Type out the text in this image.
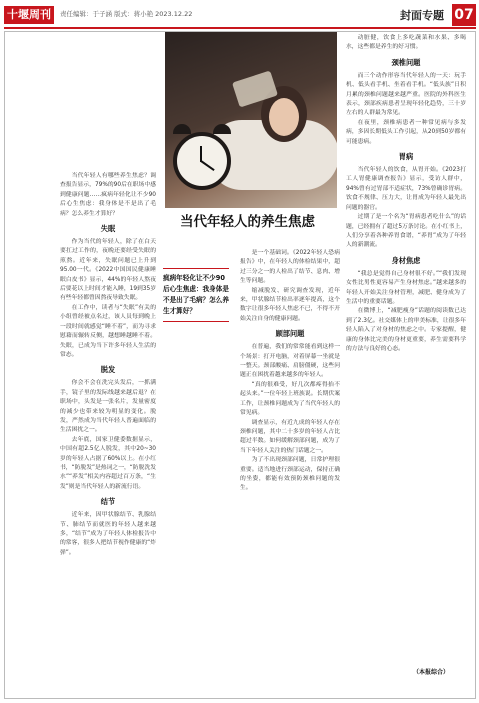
十堰周刊	责任编辑：于子涵 版式：蒋小艳 2023.12.22	封面专题 07
当代年轻人的养生焦虑

当代年轻人有哪些养生焦虑？调查报告显示，79%的90后在职场中感到健康问题……疯病年轻化让不少90后心生焦虑：我身体是不是出了毛病？怎么养生才算好？

失眠

作为当代的年轻人，除了在白天要扛过工作的，夜晚还要经受失眠的煎熬。近年来，失眠问题已上升到95.00一代。《2022中国国民健康睡眠白皮书》显示，44%的年轻人熬夜后要花以上时间才能入睡，19到35岁有些年轻都曾因熬夜导致失眠。

在工作中，读者与“失眠”有关的小组曾经被点名过，该人员每到晚上一段时间就感觉“睡不着”，而为寻求慰藉而辗转反侧，越想睡越睡不着。失眠，已成为当下许多年轻人生活的常态。

脱发

你会不会在洗完头发后，一抓满手，镜子里的发际线越来越后退？在职场中，头发是一张名片，发量密度的减少也带来较为明显的变化。脱发，严然成为当代年轻人普遍面临的生活困扰之一。

去年底，国家卫健委数据显示，中国有超2.5亿人脱发，其中20~30岁的年轻人占据了60%以上。在小红书，“防脱发”是热词之一，“防脱洗发水”“养发”相关内容超过百万条，“生发”则是当代年轻人的新流行语。

结节

近年来，因甲状腺结节、乳腺结节、肺结节而就医的年轻人越来越多，“结节”成为了年轻人体检报告中的常客，很多人把结节视作健康的“炸弹”。

疯病年轻化让不少90后心生焦虑：我身体是不是出了毛病？怎么养生才算好？

是一个基础词。《2022年轻人恐病报告》中，在年轻人的体检结果中，超过三分之一的人检出了结节、息肉、增生等问题。

缩减脱发、研究调查发现，近年来，甲状腺结节检出率逐年提高，这个数字让很多年轻人焦虑不已，不得不开始关注自身的健康问题。

顾部问题

在普遍，我们的常常能看到这样一个场景：打开电脑，对着屏幕一坐就是一整天。颈部酸痛、肩膀僵硬，这些问题正在困扰着越来越多的年轻人。

“真的很难受，好几次都疼得抬不起头来。”一位年轻上班族说。长期伏案工作，让颈椎问题成为了当代年轻人的常见病。

调查显示，有近九成的年轻人存在颈椎问题，其中二十多岁的年轻人占比超过半数。如何缓解颈部问题，成为了当下年轻人关注的热门话题之一。

为了不出现颈部问题，日常护理很重要。适当地进行颈部运动，保持正确的坐姿，都能有效预防颈椎问题的发生。

动脏健，饮食上多吃蔬菜和水果、多喝水，这些都是养生的好习惯。

颈椎问题

而三个动作形容当代年轻人的一天：玩手机、低头看手机、坐着看手机。“低头族”日积月累的颈椎问题越来越严重。医院的外科医生表示，颈部疾病患者呈现年轻化趋势，三十岁左右的人群最为常见。

在夜里，颈椎病患者一种常见病与多发病，多因长期低头工作引起，从20到50岁都有可能患病。

胃病

当代年轻人的饮食，从胃开始。《2023打工人胃健康调查报告》显示，受访人群中，94%曾有过胃部不适症状，73%曾确诊胃病。饮食不规律、压力大，让胃成为年轻人最先出问题的器官。

过期了是一个名为“胃病患者吃什么”的话题，已经拥有了超过5万条讨论。在小红书上，人们分享着各种养胃食谱，“养胃”成为了年轻人的新潮流。

身材焦虑

“我总是觉得自己身材很不好。”“我们发现女性比男性更容易产生身材焦虑。”越来越多的年轻人开始关注身材管理，减肥、健身成为了生活中的重要话题。

在微博上，“减肥瘦身”话题的阅读数已达到了2.3亿。社交媒体上的审美标准，让很多年轻人陷入了对身材的焦虑之中。专家提醒，健康的身体比完美的身材更重要，养生需要科学的方法与良好的心态。

（本报综合）
